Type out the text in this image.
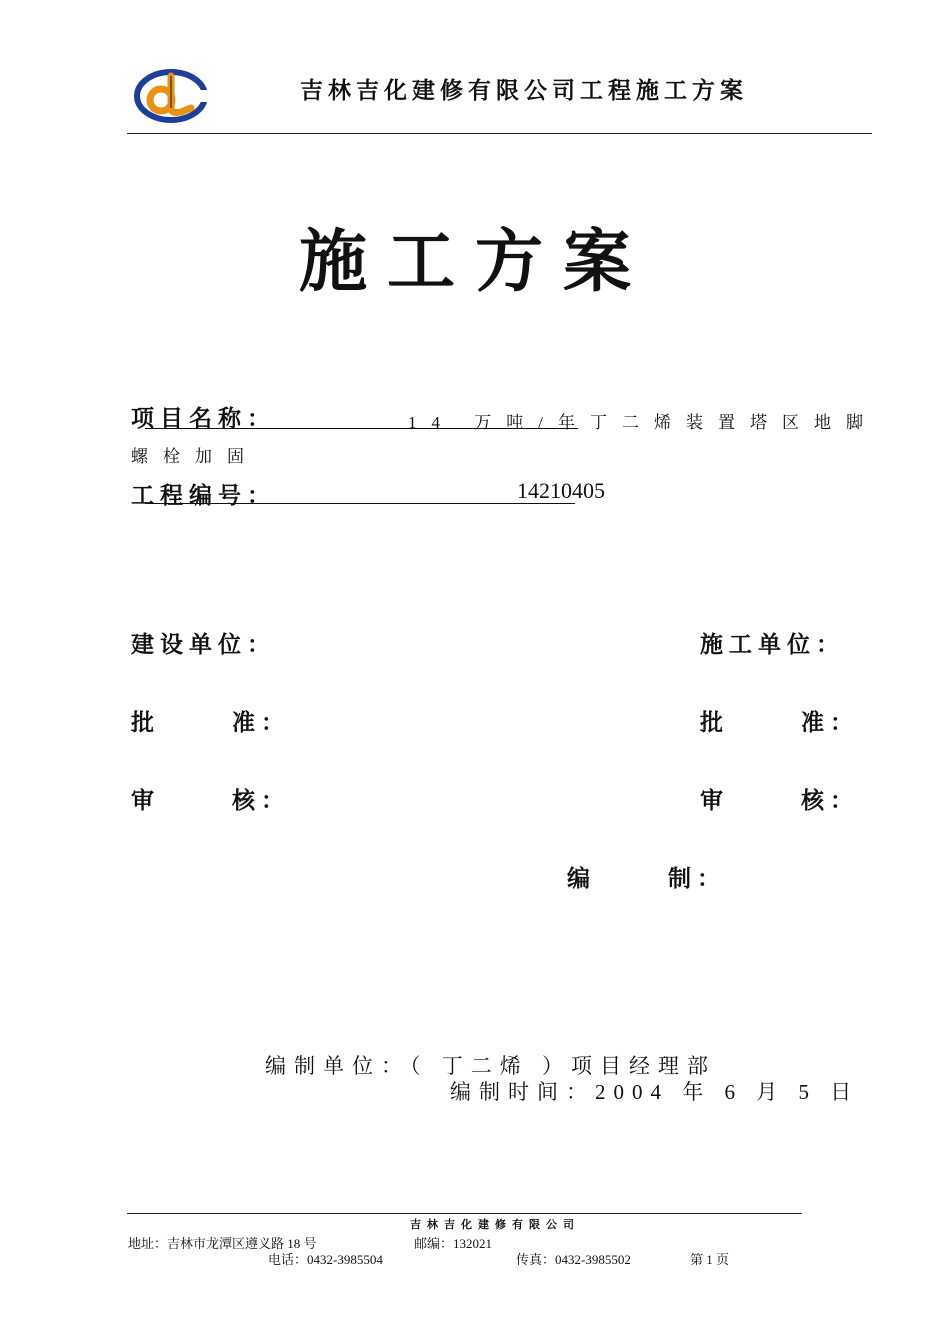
吉林吉化建修有限公司工程施工方案
施工方案
项目名称：	14 万吨/年丁二烯装置塔区地脚
螺栓加固
工程编号：	14210405
建设单位：	施工单位：
批	准：	批	准：
审	核：	审	核：
编	制：
编制单位：（ 丁二烯 ）项目经理部
编制时间：2004 年 6 月 5 日
吉林吉化建修有限公司
地址：吉林市龙潭区遵义路 18 号	邮编：132021
电话：0432-3985504	传真：0432-3985502	第 1 页
